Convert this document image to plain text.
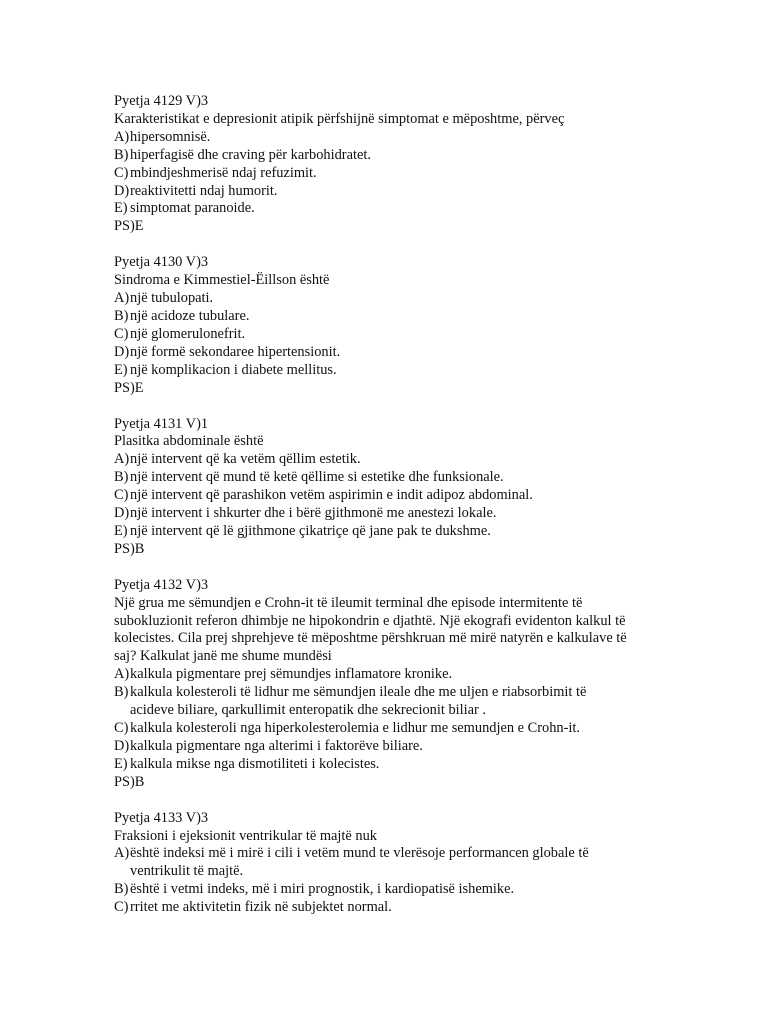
Pyetja 4129 V)3
Karakteristikat e depresionit atipik përfshijnë simptomat e mëposhtme, përveç
A) hipersomnisë.
B) hiperfagisë dhe craving për karbohidratet.
C) mbindjeshmerisë ndaj refuzimit.
D) reaktivitetti ndaj humorit.
E) simptomat paranoide.
PS)E
Pyetja 4130 V)3
Sindroma e Kimmestiel-Ëillson është
A) një tubulopati.
B) një acidoze tubulare.
C) një glomerulonefrit.
D) një formë sekondaree hipertensionit.
E) një komplikacion i diabete mellitus.
PS)E
Pyetja 4131 V)1
Plasitka abdominale është
A) një intervent që ka vetëm qëllim estetik.
B) një intervent që mund të ketë qëllime si estetike dhe funksionale.
C) një intervent që parashikon vetëm aspirimin e indit adipoz abdominal.
D) një intervent i shkurter dhe i bërë gjithmonë me anestezi lokale.
E) një intervent që lë gjithmone çikatriçe që jane pak te dukshme.
PS)B
Pyetja 4132 V)3
Një grua me sëmundjen e Crohn-it të ileumit terminal dhe episode intermitente të
subokluzionit referon dhimbje ne hipokondrin e djathtë. Një ekografi evidenton kalkul të
kolecistes. Cila prej shprehjeve të mëposhtme përshkruan më mirë natyrën e kalkulave të
saj? Kalkulat janë me shume mundësi
A) kalkula pigmentare prej sëmundjes inflamatore kronike.
B) kalkula kolesteroli të lidhur me sëmundjen ileale dhe me uljen e riabsorbimit të
acideve biliare, qarkullimit enteropatik dhe sekrecionit biliar .
C) kalkula kolesteroli nga hiperkolesterolemia e lidhur me semundjen e Crohn-it.
D) kalkula pigmentare nga alterimi i faktorëve biliare.
E) kalkula mikse nga dismotiliteti i kolecistes.
PS)B
Pyetja 4133 V)3
Fraksioni i ejeksionit ventrikular të majtë nuk
A) është indeksi më i mirë i cili i vetëm mund te vlerësoje performancen globale të
ventrikulit të majtë.
B) është i vetmi indeks, më i miri prognostik, i kardiopatisë ishemike.
C) rritet me aktivitetin fizik në subjektet normal.
